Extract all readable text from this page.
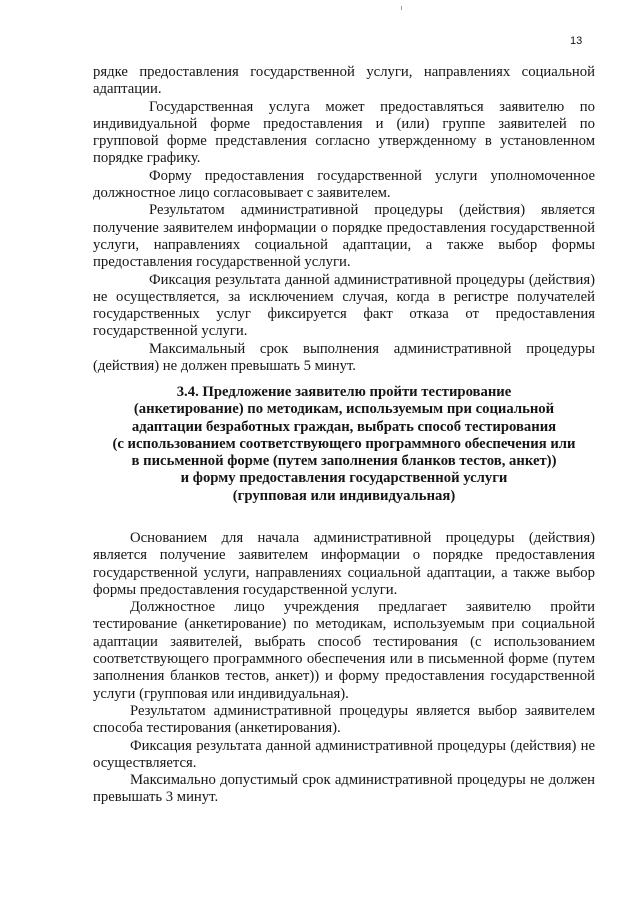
13

рядке предоставления государственной услуги, направлениях социальной адаптации.

Государственная услуга может предоставляться заявителю по индивидуальной форме предоставления и (или) группе заявителей по групповой форме представления согласно утвержденному в установленном порядке графику.

Форму предоставления государственной услуги уполномоченное должностное лицо согласовывает с заявителем.

Результатом административной процедуры (действия) является получение заявителем информации о порядке предоставления государственной услуги, направлениях социальной адаптации, а также выбор формы предоставления государственной услуги.

Фиксация результата данной административной процедуры (действия) не осуществляется, за исключением случая, когда в регистре получателей государственных услуг фиксируется факт отказа от предоставления государственной услуги.

Максимальный срок выполнения административной процедуры (действия) не должен превышать 5 минут.

3.4. Предложение заявителю пройти тестирование
(анкетирование) по методикам, используемым при социальной
адаптации безработных граждан, выбрать способ тестирования
(с использованием соответствующего программного обеспечения или
в письменной форме (путем заполнения бланков тестов, анкет))
и форму предоставления государственной услуги
(групповая или индивидуальная)

Основанием для начала административной процедуры (действия) является получение заявителем информации о порядке предоставления государственной услуги, направлениях социальной адаптации, а также выбор формы предоставления государственной услуги.

Должностное лицо учреждения предлагает заявителю пройти тестирование (анкетирование) по методикам, используемым при социальной адаптации заявителей, выбрать способ тестирования (с использованием соответствующего программного обеспечения или в письменной форме (путем заполнения бланков тестов, анкет)) и форму предоставления государственной услуги (групповая или индивидуальная).

Результатом административной процедуры является выбор заявителем способа тестирования (анкетирования).

Фиксация результата данной административной процедуры (действия) не осуществляется.

Максимально допустимый срок административной процедуры не должен превышать 3 минут.
